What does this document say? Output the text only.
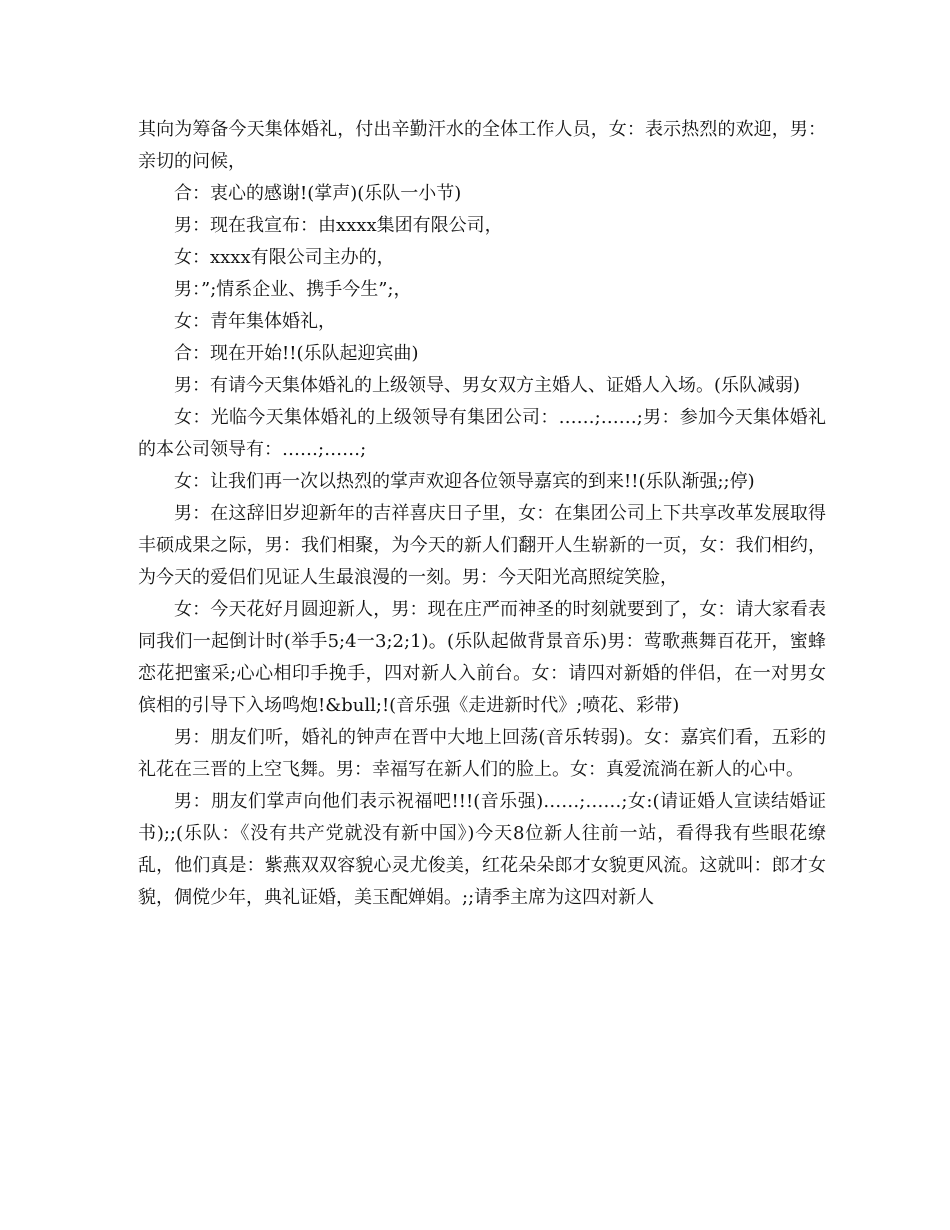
其向为筹备今天集体婚礼，付出辛勤汗水的全体工作人员，女：表示热烈的欢迎，男：亲切的问候，

合：衷心的感谢!(掌声)(乐队一小节)

男：现在我宣布：由xxxx集团有限公司，

女：xxxx有限公司主办的，

男：”;情系企业、携手今生”;，

女：青年集体婚礼，

合：现在开始!!(乐队起迎宾曲)

男：有请今天集体婚礼的上级领导、男女双方主婚人、证婚人入场。(乐队减弱)

女：光临今天集体婚礼的上级领导有集团公司：……;……;男：参加今天集体婚礼的本公司领导有：……;……;

女：让我们再一次以热烈的掌声欢迎各位领导嘉宾的到来!!(乐队渐强;;停)

男：在这辞旧岁迎新年的吉祥喜庆日子里，女：在集团公司上下共享改革发展取得丰硕成果之际，男：我们相聚，为今天的新人们翻开人生崭新的一页，女：我们相约，为今天的爱侣们见证人生最浪漫的一刻。男：今天阳光高照绽笑脸，

女：今天花好月圆迎新人，男：现在庄严而神圣的时刻就要到了，女：请大家看表同我们一起倒计时(举手5;4一3;2;1)。(乐队起做背景音乐)男：莺歌燕舞百花开，蜜蜂恋花把蜜采;心心相印手挽手，四对新人入前台。女：请四对新婚的伴侣，在一对男女傧相的引导下入场鸣炮!&bull;!(音乐强《走进新时代》;喷花、彩带)

男：朋友们听，婚礼的钟声在晋中大地上回荡(音乐转弱)。女：嘉宾们看，五彩的礼花在三晋的上空飞舞。男：幸福写在新人们的脸上。女：真爱流淌在新人的心中。

男：朋友们掌声向他们表示祝福吧!!!(音乐强)……;……;女:(请证婚人宣读结婚证书);;(乐队：《没有共产党就没有新中国》)今天8位新人往前一站，看得我有些眼花缭乱，他们真是：紫燕双双容貌心灵尤俊美，红花朵朵郎才女貌更风流。这就叫：郎才女貌，倜傥少年，典礼证婚，美玉配婵娟。;;请季主席为这四对新人
